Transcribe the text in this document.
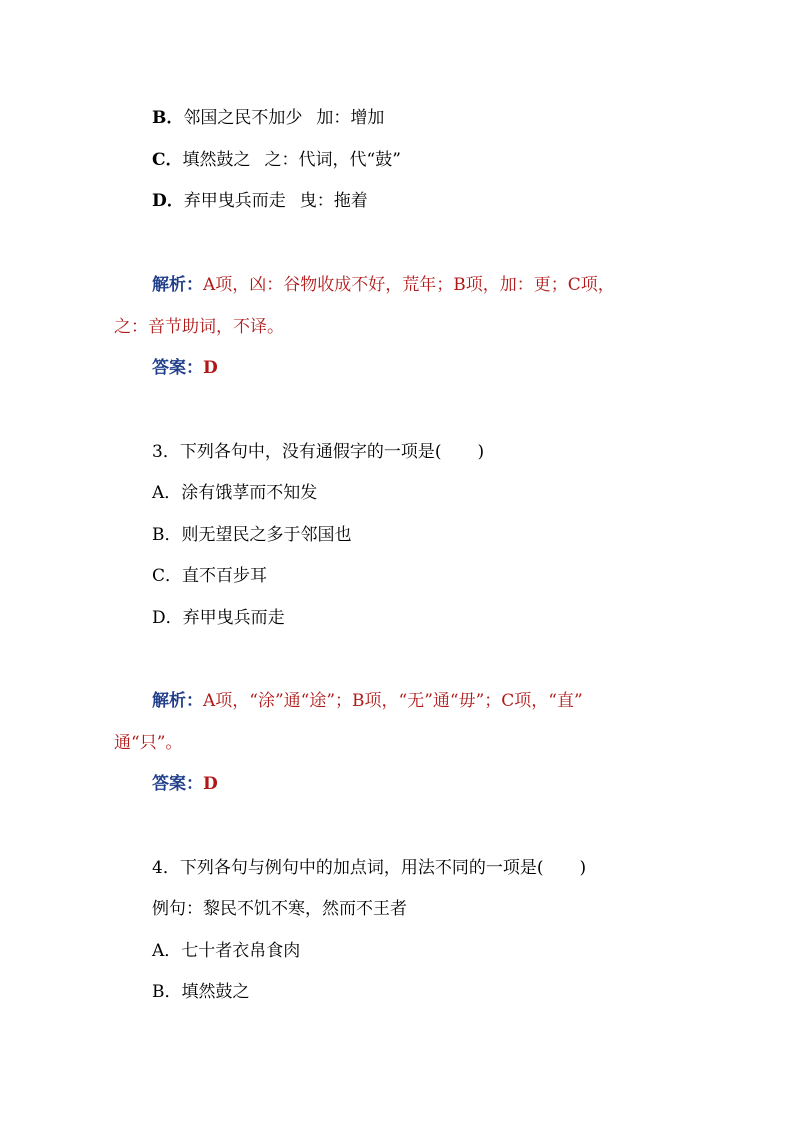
B．邻国之民不加少 加：增加
C．填然鼓之 之：代词，代“鼓”
D．弃甲曳兵而走 曳：拖着
解析：A项，凶：谷物收成不好，荒年；B项，加：更；C项，
之：音节助词，不译。
答案：D
3．下列各句中，没有通假字的一项是( )
A．涂有饿莩而不知发
B．则无望民之多于邻国也
C．直不百步耳
D．弃甲曳兵而走
解析：A项，“涂”通“途”；B项，“无”通“毋”；C项，“直”
通“只”。
答案：D
4．下列各句与例句中的加点词，用法不同的一项是( )
例句：黎民不饥不寒，然而不王者
A．七十者衣帛食肉
B．填然鼓之
